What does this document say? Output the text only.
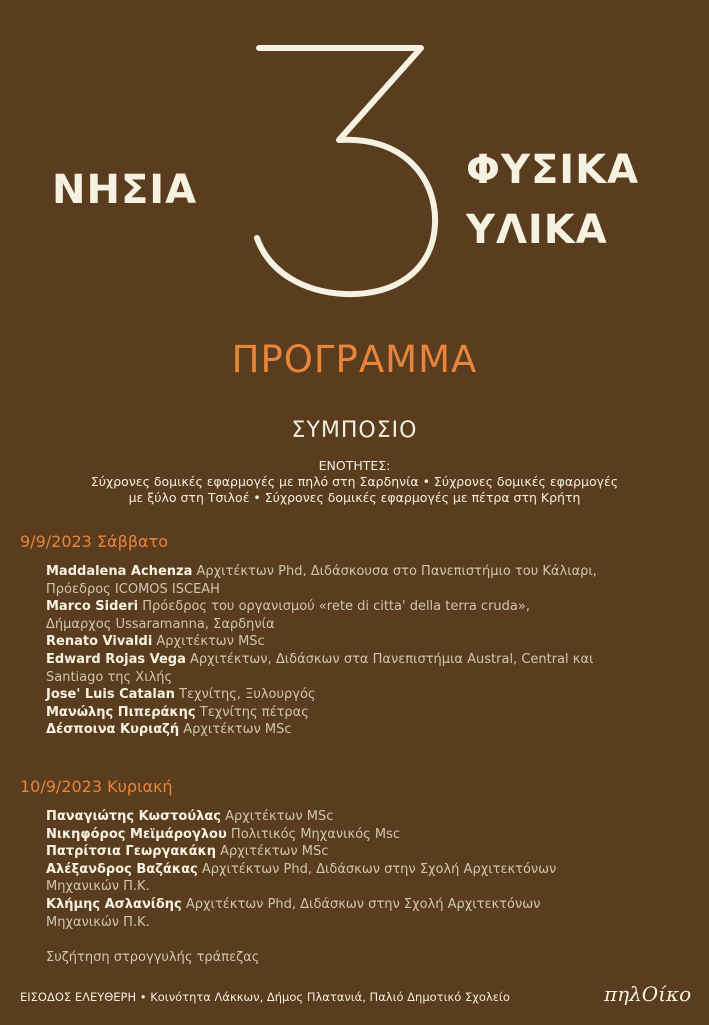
ΝΗΣΙΑ	ΦΥΣΙΚΑ
ΥΛΙΚΑ
ΠΡΟΓΡΑΜΜΑ
ΣΥΜΠΟΣΙΟ
ΕΝΟΤΗΤΕΣ:
Σύχρονες δομικές εφαρμογές με πηλό στη Σαρδηνία • Σύχρονες δομικές εφαρμογές
με ξύλο στη Τσιλοέ • Σύχρονες δομικές εφαρμογές με πέτρα στη Κρήτη
9/9/2023 Σάββατο
Maddalena Achenza Αρχιτέκτων Phd, Διδάσκουσα στο Πανεπιστήμιο του Κάλιαρι,
Πρόεδρος ICOMOS ISCEAH
Marco Sideri Πρόεδρος του οργανισμού «rete di citta' della terra cruda»,
Δήμαρχος Ussaramanna, Σαρδηνία
Renato Vivaldi Αρχιτέκτων MSc
Edward Rojas Vega Αρχιτέκτων, Διδάσκων στα Πανεπιστήμια Austral, Central και
Santiago της Χιλής
Jose' Luis Catalan Τεχνίτης, Ξυλουργός
Μανώλης Πιπεράκης Τεχνίτης πέτρας
Δέσποινα Κυριαζή Αρχιτέκτων MSc
10/9/2023 Κυριακή
Παναγιώτης Κωστούλας Αρχιτέκτων MSc
Νικηφόρος Μεϊμάρογλου Πολιτικός Μηχανικός Msc
Πατρίτσια Γεωργακάκη Αρχιτέκτων MSc
Αλέξανδρος Βαζάκας Αρχιτέκτων Phd, Διδάσκων στην Σχολή Αρχιτεκτόνων
Μηχανικών Π.Κ.
Κλήμης Ασλανίδης Αρχιτέκτων Phd, Διδάσκων στην Σχολή Αρχιτεκτόνων
Μηχανικών Π.Κ.
Συζήτηση στρογγυλής τράπεζας
ΕΙΣΟΔΟΣ ΕΛΕΥΘΕΡΗ • Κοινότητα Λάκκων, Δήμος Πλατανιά, Παλιό Δημοτικό Σχολείο	πηλΟίκο
